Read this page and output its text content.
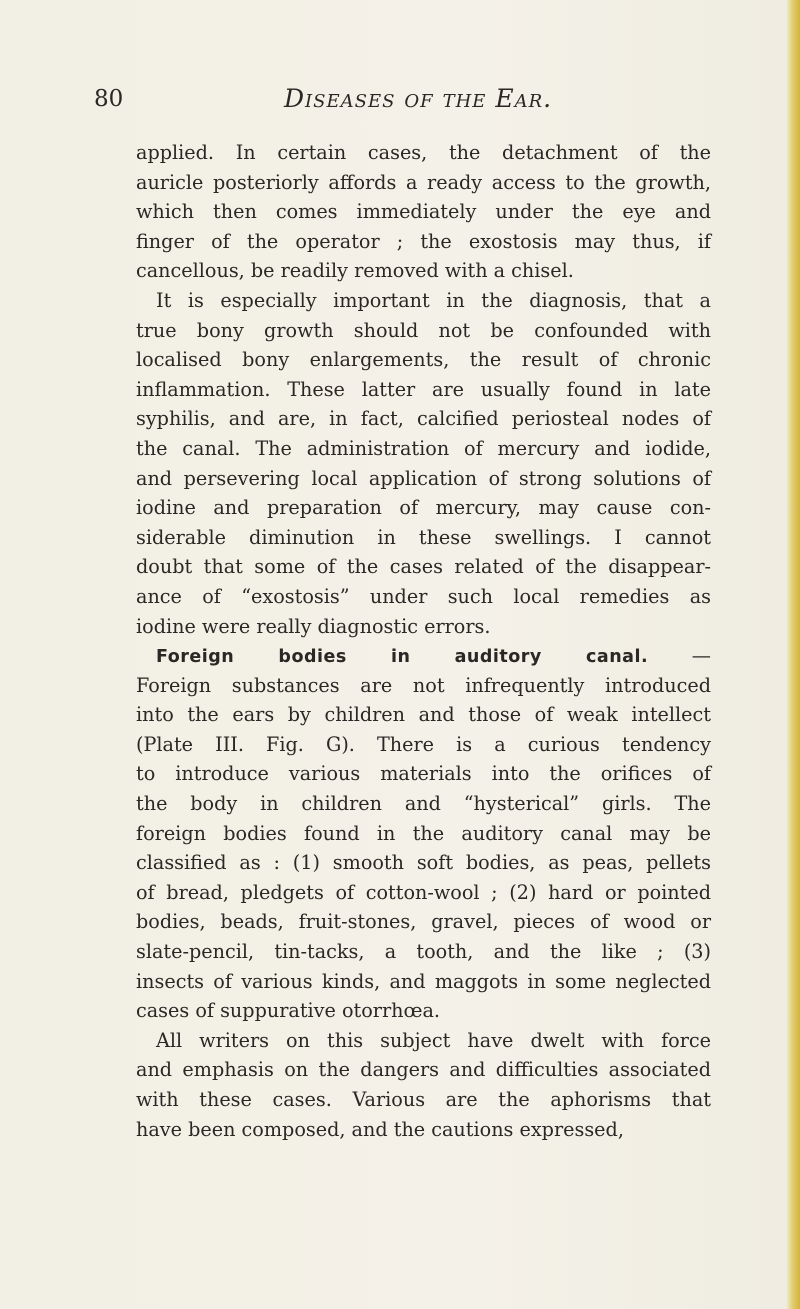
80	Diseases of the Ear.
applied. In certain cases, the detachment of the
auricle posteriorly affords a ready access to the growth,
which then comes immediately under the eye and
finger of the operator ; the exostosis may thus, if
cancellous, be readily removed with a chisel.
It is especially important in the diagnosis, that a
true bony growth should not be confounded with
localised bony enlargements, the result of chronic
inflammation. These latter are usually found in late
syphilis, and are, in fact, calcified periosteal nodes of
the canal. The administration of mercury and iodide,
and persevering local application of strong solutions of
iodine and preparation of mercury, may cause con-
siderable diminution in these swellings. I cannot
doubt that some of the cases related of the disappear-
ance of “exostosis” under such local remedies as
iodine were really diagnostic errors.
Foreign bodies in auditory canal. —
Foreign substances are not infrequently introduced
into the ears by children and those of weak intellect
(Plate III. Fig. G). There is a curious tendency
to introduce various materials into the orifices of
the body in children and “hysterical” girls. The
foreign bodies found in the auditory canal may be
classified as : (1) smooth soft bodies, as peas, pellets
of bread, pledgets of cotton-wool ; (2) hard or pointed
bodies, beads, fruit-stones, gravel, pieces of wood or
slate-pencil, tin-tacks, a tooth, and the like ; (3)
insects of various kinds, and maggots in some neglected
cases of suppurative otorrhœa.
All writers on this subject have dwelt with force
and emphasis on the dangers and difficulties associated
with these cases. Various are the aphorisms that
have been composed, and the cautions expressed,
